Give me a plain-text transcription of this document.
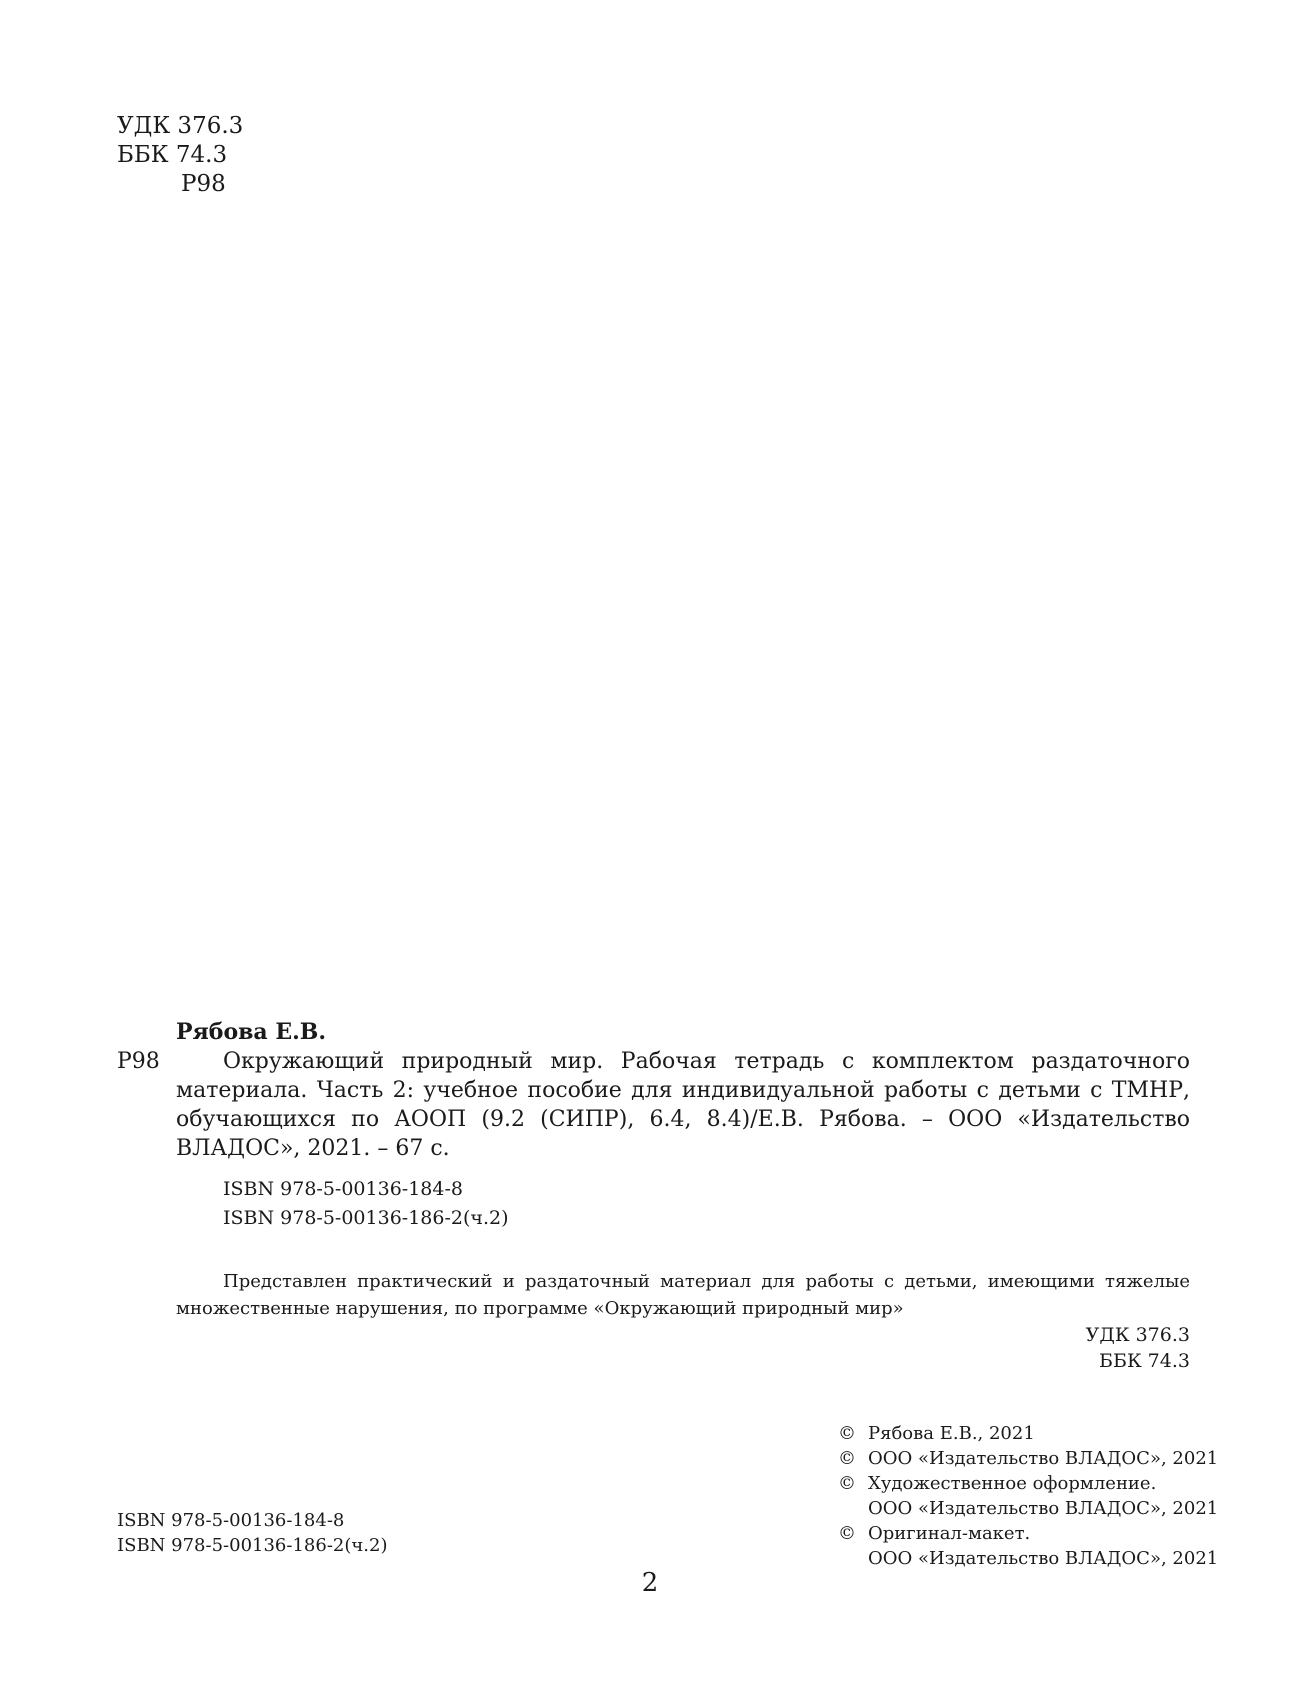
УДК 376.3
ББК 74.3
Р98
Рябова Е.В.
Р98	Окружающий природный мир. Рабочая тетрадь с комплектом раздаточного материала. Часть 2: учебное пособие для индивидуальной работы с детьми с ТМНР, обучающихся по АООП (9.2 (СИПР), 6.4, 8.4)/Е.В. Рябова. – ООО «Издательство ВЛАДОС», 2021. – 67 с.
ISBN 978-5-00136-184-8
ISBN 978-5-00136-186-2(ч.2)
Представлен практический и раздаточный материал для работы с детьми, имеющими тяжелые множественные нарушения, по программе «Окружающий природный мир»
УДК 376.3
ББК 74.3
© Рябова Е.В., 2021
© ООО «Издательство ВЛАДОС», 2021
© Художественное оформление.
ООО «Издательство ВЛАДОС», 2021
© Оригинал-макет.
ООО «Издательство ВЛАДОС», 2021
ISBN 978-5-00136-184-8
ISBN 978-5-00136-186-2(ч.2)
2
